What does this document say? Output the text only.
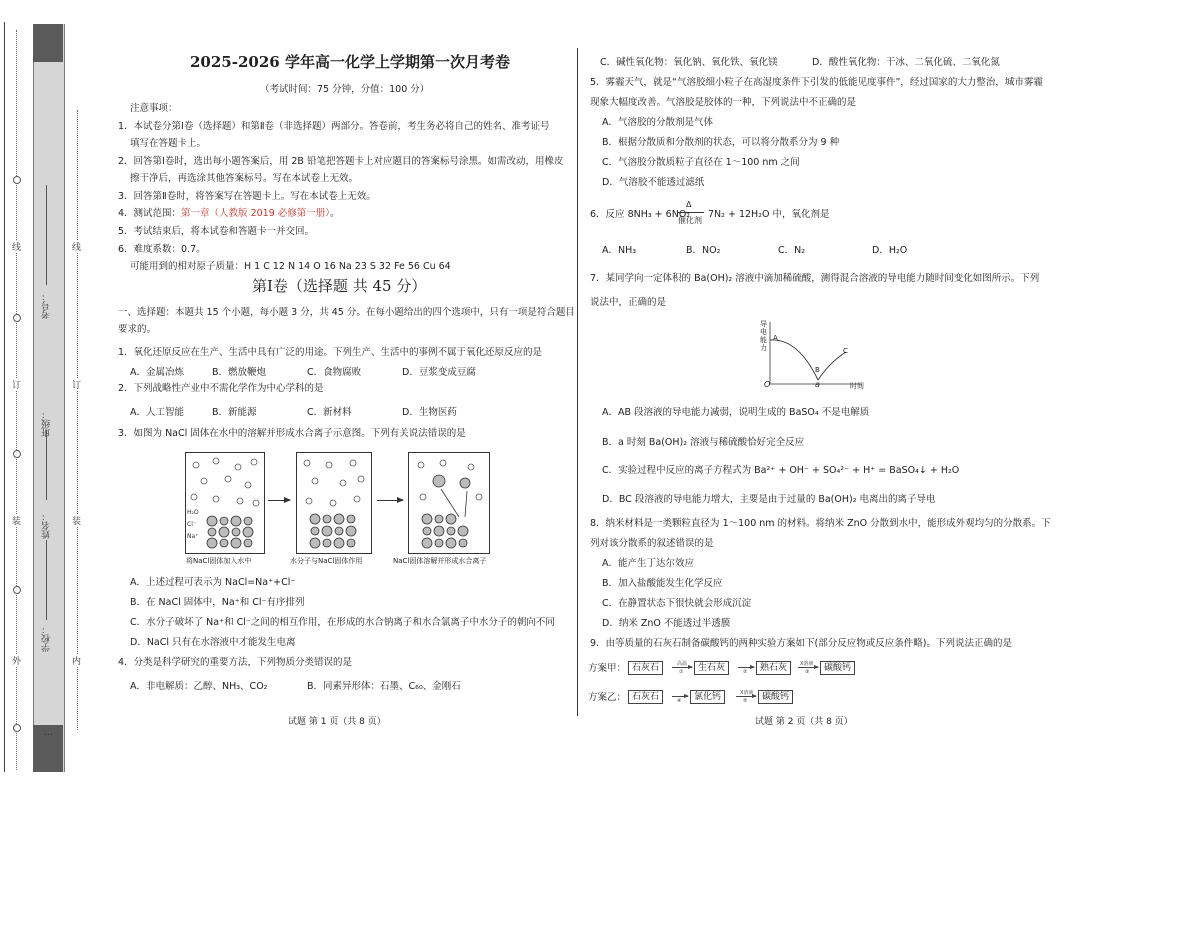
…
线
订
装
外
考号：
班级：
姓名：
学校：
线
订
装
内
2025-2026 学年高一化学上学期第一次月考卷
（考试时间：75 分钟，分值：100 分）
注意事项：
1．本试卷分第Ⅰ卷（选择题）和第Ⅱ卷（非选择题）两部分。答卷前，考生务必将自己的姓名、准考证号
填写在答题卡上。
2．回答第Ⅰ卷时，选出每小题答案后，用 2B 铅笔把答题卡上对应题目的答案标号涂黑。如需改动，用橡皮
擦干净后，再选涂其他答案标号。写在本试卷上无效。
3．回答第Ⅱ卷时，将答案写在答题卡上。写在本试卷上无效。
4．测试范围：第一章（人教版 2019 必修第一册）。
5．考试结束后，将本试卷和答题卡一并交回。
6．难度系数：0.7。
可能用到的相对原子质量：H 1 C 12 N 14 O 16 Na 23 S 32 Fe 56 Cu 64
第Ⅰ卷（选择题 共 45 分）
一、选择题：本题共 15 个小题，每小题 3 分，共 45 分。在每小题给出的四个选项中，只有一项是符合题目
要求的。
1．氧化还原反应在生产、生活中具有广泛的用途。下列生产、生活中的事例不属于氧化还原反应的是
A．金属冶炼	B．燃放鞭炮	C．食物腐败	D．豆浆变成豆腐
2．下列战略性产业中不需化学作为中心学科的是
A．人工智能	B．新能源	C．新材料	D．生物医药
3．如图为 NaCl 固体在水中的溶解并形成水合离子示意图。下列有关说法错误的是
H₂O
Cl⁻
Na⁺
将NaCl固体加入水中	水分子与NaCl固体作用	NaCl固体溶解并形成水合离子
A．上述过程可表示为 NaCl=Na⁺+Cl⁻
B．在 NaCl 固体中，Na⁺和 Cl⁻有序排列
C．水分子破坏了 Na⁺和 Cl⁻之间的相互作用，在形成的水合钠离子和水合氯离子中水分子的朝向不同
D．NaCl 只有在水溶液中才能发生电离
4．分类是科学研究的重要方法，下列物质分类错误的是
A．非电解质：乙醇、NH₃、CO₂	B．同素异形体：石墨、C₆₀、金刚石
试题 第 1 页（共 8 页）
C．碱性氧化物：氧化钠、氧化铁、氧化镁	D．酸性氧化物：干冰、二氧化硫、二氧化氮
5．雾霾天气，就是“气溶胶细小粒子在高湿度条件下引发的低能见度事件”，经过国家的大力整治，城市雾霾
现象大幅度改善。气溶胶是胶体的一种，下列说法中不正确的是
A．气溶胶的分散剂是气体
B．根据分散质和分散剂的状态，可以将分散系分为 9 种
C．气溶胶分散质粒子直径在 1～100 nm 之间
D．气溶胶不能透过滤纸
6．反应 8NH₃ + 6NO₂
Δ
催化剂
7N₂ + 12H₂O 中，氧化剂是
A．NH₃	B．NO₂	C．N₂	D．H₂O
7．某同学向一定体积的 Ba(OH)₂ 溶液中滴加稀硫酸，测得混合溶液的导电能力随时间变化如图所示。下列
说法中，正确的是
导电能力
A
B
C
O	a	时间
A．AB 段溶液的导电能力减弱，说明生成的 BaSO₄ 不是电解质
B．a 时刻 Ba(OH)₂ 溶液与稀硫酸恰好完全反应
C．实验过程中反应的离子方程式为 Ba²⁺ + OH⁻ + SO₄²⁻ + H⁺ = BaSO₄↓ + H₂O
D．BC 段溶液的导电能力增大，主要是由于过量的 Ba(OH)₂ 电离出的离子导电
8．纳米材料是一类颗粒直径为 1～100 nm 的材料。将纳米 ZnO 分散到水中，能形成外观均匀的分散系。下
列对该分散系的叙述错误的是
A．能产生丁达尔效应
B．加入盐酸能发生化学反应
C．在静置状态下很快就会形成沉淀
D．纳米 ZnO 不能透过半透膜
9．由等质量的石灰石制备碳酸钙的两种实验方案如下(部分反应物或反应条件略)。下列说法正确的是
方案甲： 石灰石	高温
①	生石灰	②	熟石灰	X溶液
③	碳酸钙
方案乙： 石灰石	④	氯化钙	X溶液
⑤	碳酸钙
试题 第 2 页（共 8 页）
